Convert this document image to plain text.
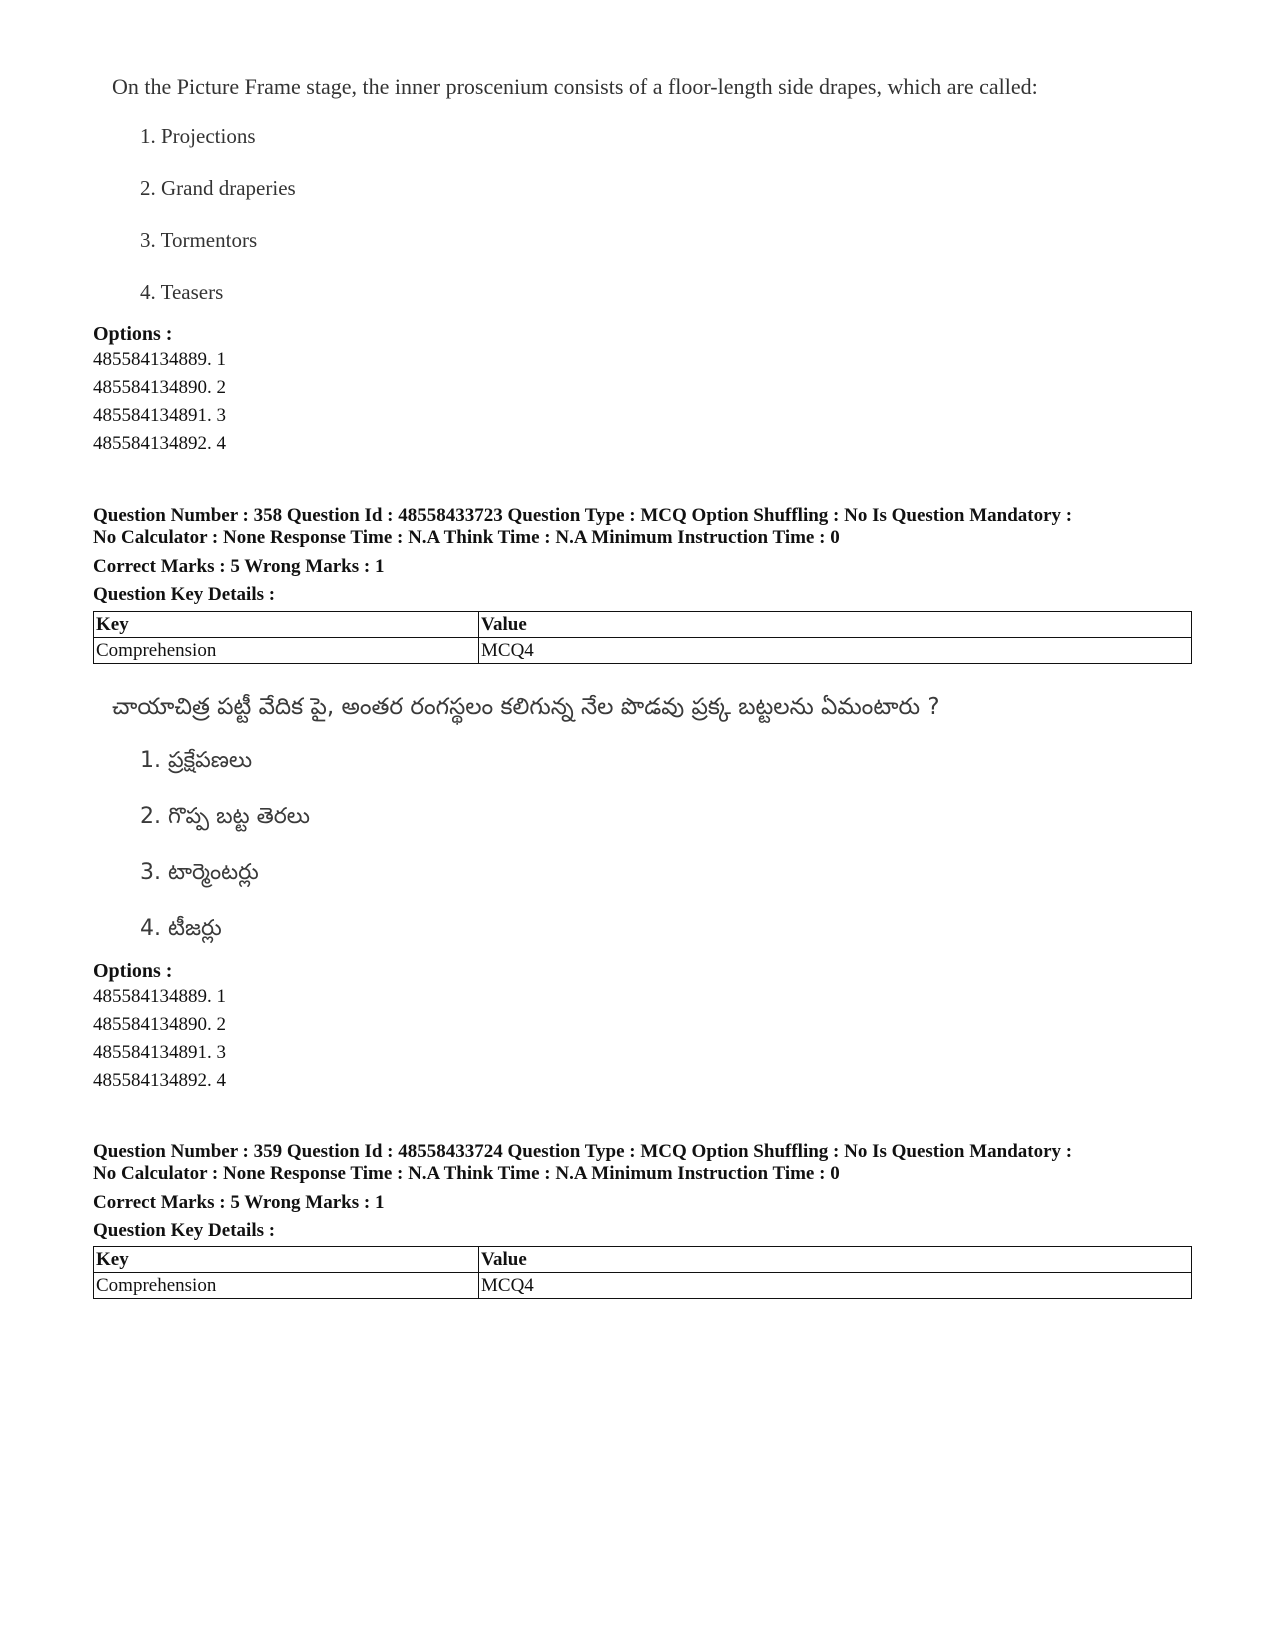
On the Picture Frame stage, the inner proscenium consists of a floor-length side drapes, which are called:
1. Projections
2. Grand draperies
3. Tormentors
4. Teasers
Options :
485584134889. 1
485584134890. 2
485584134891. 3
485584134892. 4
Question Number : 358 Question Id : 48558433723 Question Type : MCQ Option Shuffling : No Is Question Mandatory :
No Calculator : None Response Time : N.A Think Time : N.A Minimum Instruction Time : 0
Correct Marks : 5 Wrong Marks : 1
Question Key Details :
Key	Value
Comprehension	MCQ4
చాయాచిత్ర పట్టీ వేదిక పై, అంతర రంగస్థలం కలిగున్న నేల పొడవు ప్రక్క బట్టలను ఏమంటారు ?
1. ప్రక్షేపణలు
2. గొప్ప బట్ట తెరలు
3. టార్మెంటర్లు
4. టీజర్లు
Options :
485584134889. 1
485584134890. 2
485584134891. 3
485584134892. 4
Question Number : 359 Question Id : 48558433724 Question Type : MCQ Option Shuffling : No Is Question Mandatory :
No Calculator : None Response Time : N.A Think Time : N.A Minimum Instruction Time : 0
Correct Marks : 5 Wrong Marks : 1
Question Key Details :
Key	Value
Comprehension	MCQ4
